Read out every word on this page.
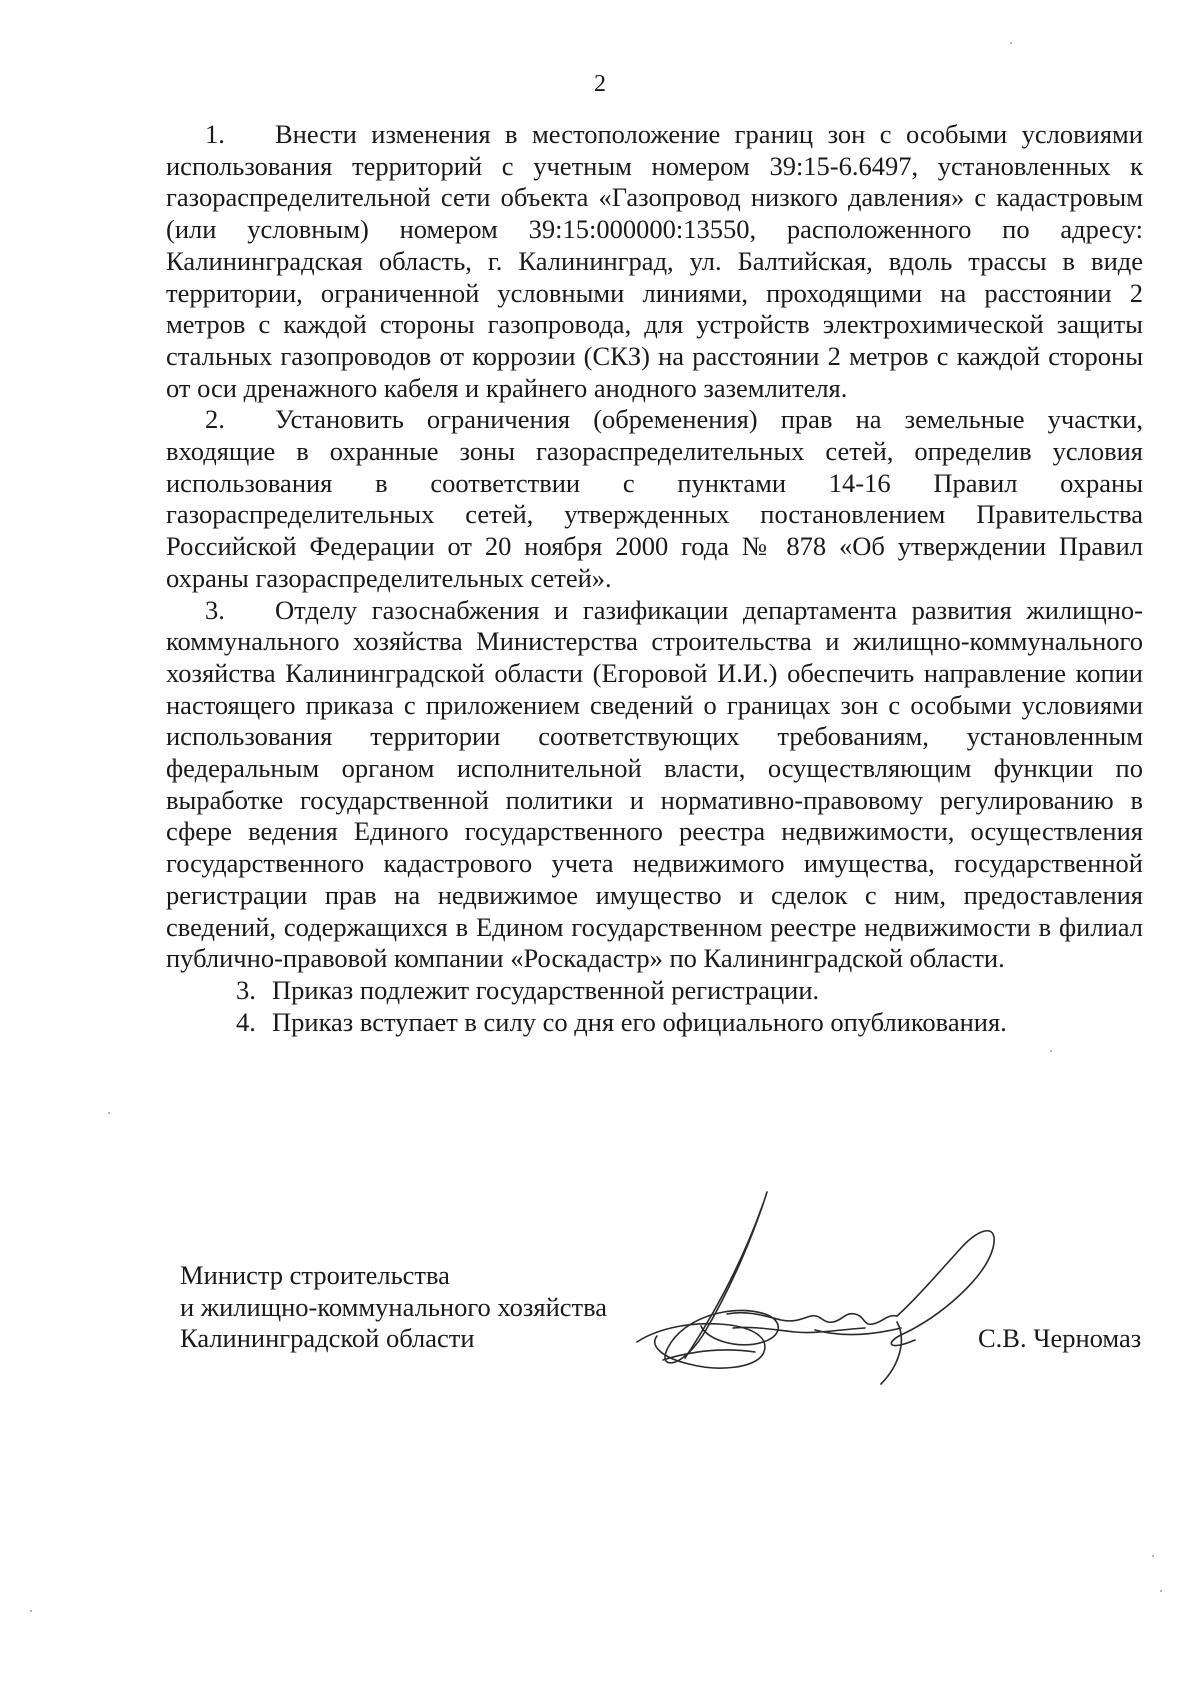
2

1. Внести изменения в местоположение границ зон с особыми условиями использования территорий с учетным номером 39:15-6.6497, установленных к газораспределительной сети объекта «Газопровод низкого давления» с кадастровым (или условным) номером 39:15:000000:13550, расположенного по адресу: Калининградская область, г. Калининград, ул. Балтийская, вдоль трассы в виде территории, ограниченной условными линиями, проходящими на расстоянии 2 метров с каждой стороны газопровода, для устройств электрохимической защиты стальных газопроводов от коррозии (СКЗ) на расстоянии 2 метров с каждой стороны от оси дренажного кабеля и крайнего анодного заземлителя.

2. Установить ограничения (обременения) прав на земельные участки, входящие в охранные зоны газораспределительных сетей, определив условия использования в соответствии с пунктами 14-16 Правил охраны газораспределительных сетей, утвержденных постановлением Правительства Российской Федерации от 20 ноября 2000 года № 878 «Об утверждении Правил охраны газораспределительных сетей».

3. Отделу газоснабжения и газификации департамента развития жилищно-коммунального хозяйства Министерства строительства и жилищно-коммунального хозяйства Калининградской области (Егоровой И.И.) обеспечить направление копии настоящего приказа с приложением сведений о границах зон с особыми условиями использования территории соответствующих требованиям, установленным федеральным органом исполнительной власти, осуществляющим функции по выработке государственной политики и нормативно-правовому регулированию в сфере ведения Единого государственного реестра недвижимости, осуществления государственного кадастрового учета недвижимого имущества, государственной регистрации прав на недвижимое имущество и сделок с ним, предоставления сведений, содержащихся в Едином государственном реестре недвижимости в филиал публично-правовой компании «Роскадастр» по Калининградской области.

3. Приказ подлежит государственной регистрации.

4. Приказ вступает в силу со дня его официального опубликования.

Министр строительства
и жилищно-коммунального хозяйства
Калининградской области	С.В. Черномаз
